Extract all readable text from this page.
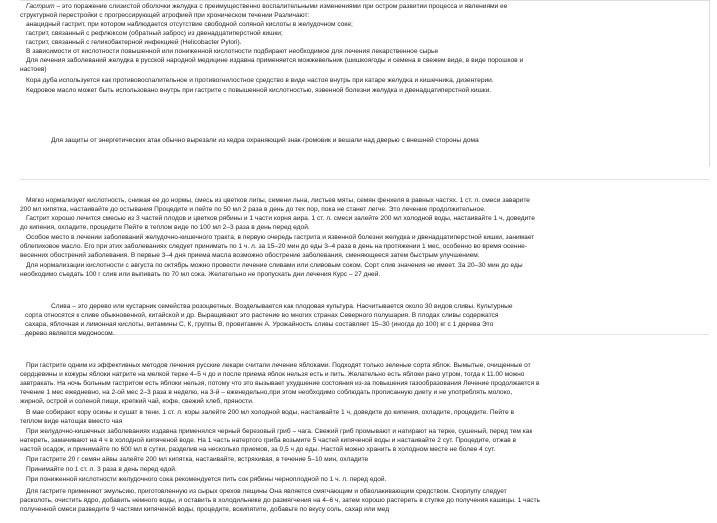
Гастрит – это поражение слизистой оболочки желудка с преимущественно воспалительными изменениями при остром развитии процесса и явлениями ее
структурной перестройки с прогрессирующей атрофией при хроническом течении Различают:
анацидный гастрит, при котором наблюдается отсутствие свободной соляной кислоты в желудочном соке;
гастрит, связанный с рефлюксом (обратный заброс) из двенадцатиперстной кишки;
гастрит, связанный с геликобактерной инфекцией (Helicobacter Pylori).
В зависимости от кислотности повышенной или пониженной кислотности подбирают необходимое для лечения лекарственное сырье
Для лечения заболеваний желудка в русской народной медицине издавна применяется можжевельник (шишкоягоды и семена в свежем виде, в виде порошков и
настоев)
Кора дуба используется как противовоспалительное и противогнилостное средство в виде настоя внутрь при катаре желудка и кишечника, дизентерии.
Кедровое масло может быть использовано внутрь при гастрите с повышенной кислотностью, язвенной болезни желудка и двенадцатиперстной кишки.
Для защиты от энергетических атак обычно вырезали из кедра охраняющий знак-громовик и вешали над дверью с внешней стороны дома
Мягко нормализует кислотность, снижая ее до нормы, смесь из цветков липы, семени льна, листьев мяты, семян фенхеля в равных частях. 1 ст. л. смеси заварите
200 мл кипятка, настаивайте до остывания Процедите и пейте по 50 мл 2 раза в день до тех пор, пока не станет легче. Это лечение продолжительное.
Гастрит хорошо лечится смесью из 3 частей плодов и цветков рябины и 1 части корня аира. 1 ст. л. смеси залейте 200 мл холодной воды, настаивайте 1 ч, доведите
до кипения, охладите, процедите Пейте в теплом виде по 100 мл 2–3 раза в день перед едой.
Особое место в лечении заболеваний желудочно-кишечного тракта, в первую очередь гастрита и язвенной болезни желудка и двенадцатиперстной кишки, занимает
облепиховое масло. Его при этих заболеваниях следует принимать по 1 ч. л. за 15–20 мин до еды 3–4 раза в день на протяжении 1 мес, особенно во время осенне-
весенних обострений заболевания. В первые 3–4 дня приема масла возможно обострение заболевания, сменяющееся затем быстрым улучшением.
Для нормализации кислотности с августа по октябрь можно провести лечение сливами или сливовым соком. Сорт слив значения не имеет. За 20–30 мин до еды
необходимо съедать 100 г слив или выпивать по 70 мл сока. Желательно не пропускать дни лечения Курс – 27 дней.
Слива – это дерево или кустарник семейства розоцветных. Возделывается как плодовая культура. Насчитывается около 30 видов сливы. Культурные
сорта относятся к сливе обыкновенной, китайской и др. Выращивают это растение во многих странах Северного полушария. В плодах сливы содержатся
сахара, яблочная и лимонная кислоты, витамины С, К, группы В, провитамин А. Урожайность сливы составляет 15–30 (иногда до 100) кг с 1 дерева Это
дерево является медоносом.
При гастрите одним из эффективных методов лечения русские лекари считали лечение яблоками. Подходят только зеленые сорта яблок. Вымытые, очищенные от
сердцевины и кожуры яблоки натрите на мелкой терке 4–5 ч до и после приема яблок нельзя есть и пить. Желательно есть яблоки рано утром, тогда к 11.00 можно
завтракать. На ночь больным гастритом есть яблоки нельзя, потому что это вызывает ухудшение состояния из-за повышения газообразования Лечение продолжается в
течение 1 мес ежедневно, на 2-ой мес 2–3 раза в неделю, на 3-й – еженедельно,при этом необходимо соблюдать прописанную диету и не употреблять молоко,
жирной, острой и соленой пищи, крепкий чай, кофе, свежий хлеб, пряности.
В мае собирают кору осины и сушат в тени. 1 ст. л. коры залейте 200 мл холодной воды, настаивайте 1 ч, доведите до кипения, охладите, процедите. Пейте в
теплом виде натощак вместо чая
При желудочно-кишечных заболеваниях издавна применялся черный березовый гриб – чага. Свежий гриб промывают и натирают на терке, сушеный, перед тем как
натереть, замачивают на 4 ч в холодной кипяченой воде. На 1 часть натертого гриба возьмите 5 частей кипяченой воды и настаивайте 2 сут. Процедите, отжав в
настой осадок, и принимайте по 600 мл в сутки, разделив на несколько приемов, за 0,5 ч до еды. Настой можно хранить в холодном месте не более 4 сут.
При гастрите 20 г семян айвы залейте 200 мл кипятка, настаивайте, встряхивая, в течение 5–10 мин, охладите
Принимайте по 1 ст. л. 3 раза в день перед едой.
При пониженной кислотности желудочного сока рекомендуется пить сок рябины черноплодной по 1 ч. л. перед едой.
Для гастрите применяют эмульсию, приготовленную из сырых орехов лещины Она является смягчающим и обволакивающим средством. Скорлупу следует
расколоть, очистить ядро, добавить немного воды, и оставить в холодильнике до размягчения на 4–6 ч, затем хорошо растереть в ступке до получения кашицы. 1 часть
полученной смеси разведите 9 частями кипяченой воды, процедите, вскипятите, добавьте по вкусу соль, сахар или мед
